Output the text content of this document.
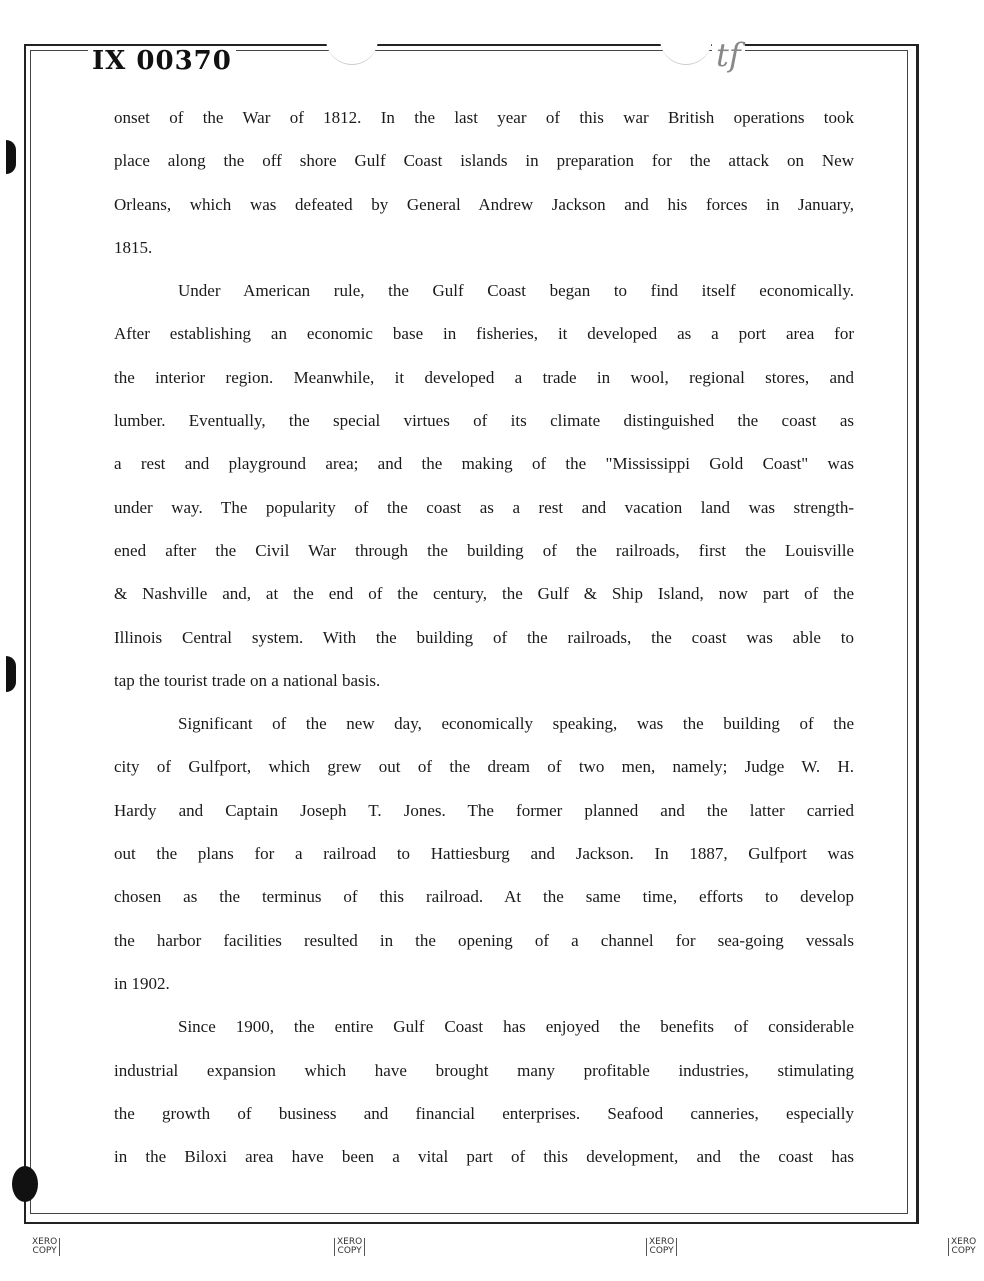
IX 00370	tf
onset of the War of 1812. In the last year of this war British operations took
place along the off shore Gulf Coast islands in preparation for the attack on New
Orleans, which was defeated by General Andrew Jackson and his forces in January,
1815.
Under American rule, the Gulf Coast began to find itself economically.
After establishing an economic base in fisheries, it developed as a port area for
the interior region. Meanwhile, it developed a trade in wool, regional stores, and
lumber. Eventually, the special virtues of its climate distinguished the coast as
a rest and playground area; and the making of the "Mississippi Gold Coast" was
under way. The popularity of the coast as a rest and vacation land was strength-
ened after the Civil War through the building of the railroads, first the Louisville
& Nashville and, at the end of the century, the Gulf & Ship Island, now part of the
Illinois Central system. With the building of the railroads, the coast was able to
tap the tourist trade on a national basis.
Significant of the new day, economically speaking, was the building of the
city of Gulfport, which grew out of the dream of two men, namely; Judge W. H.
Hardy and Captain Joseph T. Jones. The former planned and the latter carried
out the plans for a railroad to Hattiesburg and Jackson. In 1887, Gulfport was
chosen as the terminus of this railroad. At the same time, efforts to develop
the harbor facilities resulted in the opening of a channel for sea-going vessals
in 1902.
Since 1900, the entire Gulf Coast has enjoyed the benefits of considerable
industrial expansion which have brought many profitable industries, stimulating
the growth of business and financial enterprises. Seafood canneries, especially
in the Biloxi area have been a vital part of this development, and the coast has
XERO
COPY
XERO
COPY
XERO
COPY
XERO
COPY
